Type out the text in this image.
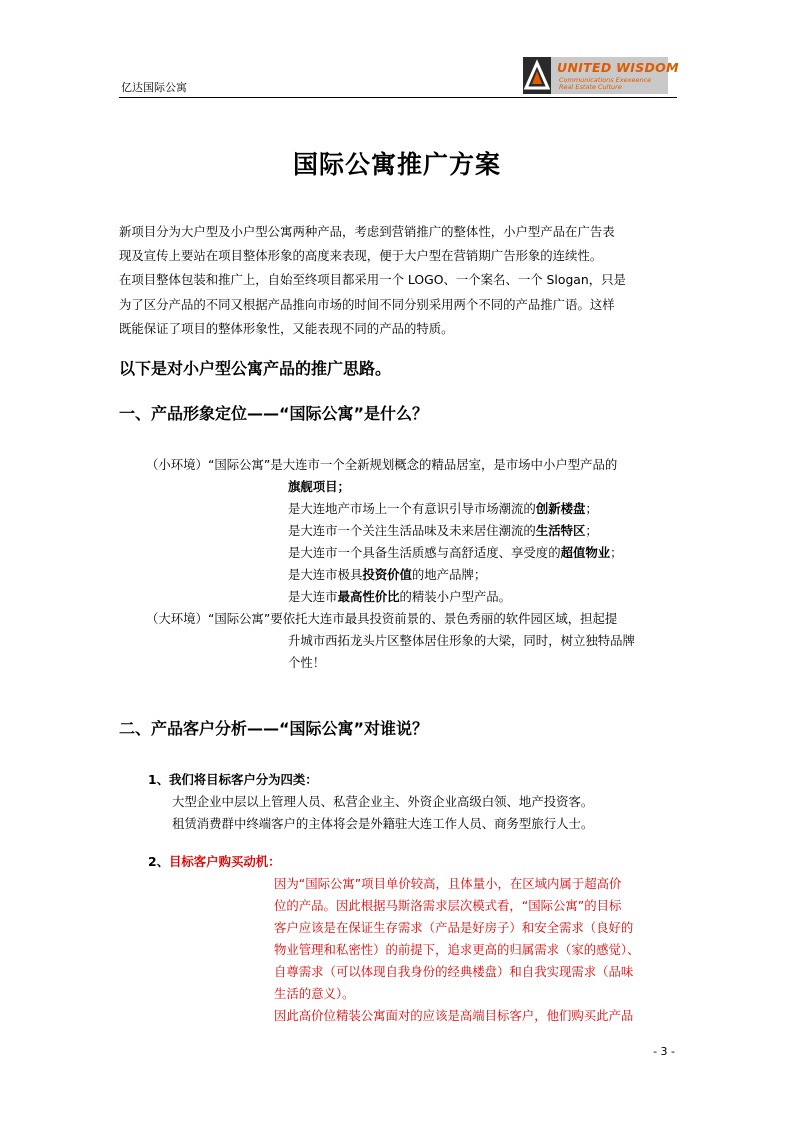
亿达国际公寓
UNITED WISDOM
Communications Exexeence
Real Estate Culture
国际公寓推广方案
新项目分为大户型及小户型公寓两种产品，考虑到营销推广的整体性，小户型产品在广告表
现及宣传上要站在项目整体形象的高度来表现，便于大户型在营销期广告形象的连续性。
在项目整体包装和推广上，自始至终项目都采用一个 LOGO、一个案名、一个 Slogan，只是
为了区分产品的不同又根据产品推向市场的时间不同分别采用两个不同的产品推广语。这样
既能保证了项目的整体形象性，又能表现不同的产品的特质。
以下是对小户型公寓产品的推广思路。
一、产品形象定位——“国际公寓”是什么？
（小环境）“国际公寓”是大连市一个全新规划概念的精品居室，是市场中小户型产品的
旗舰项目；
是大连地产市场上一个有意识引导市场潮流的创新楼盘；
是大连市一个关注生活品味及未来居住潮流的生活特区；
是大连市一个具备生活质感与高舒适度、享受度的超值物业；
是大连市极具投资价值的地产品牌；
是大连市最高性价比的精装小户型产品。
（大环境）“国际公寓”要依托大连市最具投资前景的、景色秀丽的软件园区域，担起提
升城市西拓龙头片区整体居住形象的大梁，同时，树立独特品牌
个性！
二、产品客户分析——“国际公寓”对谁说？
1、我们将目标客户分为四类：
大型企业中层以上管理人员、私营企业主、外资企业高级白领、地产投资客。
租赁消费群中终端客户的主体将会是外籍驻大连工作人员、商务型旅行人士。
2、目标客户购买动机：
因为“国际公寓”项目单价较高，且体量小，在区域内属于超高价
位的产品。因此根据马斯洛需求层次模式看，“国际公寓”的目标
客户应该是在保证生存需求（产品是好房子）和安全需求（良好的
物业管理和私密性）的前提下，追求更高的归属需求（家的感觉）、
自尊需求（可以体现自我身份的经典楼盘）和自我实现需求（品味
生活的意义）。
因此高价位精装公寓面对的应该是高端目标客户，他们购买此产品
- 3 -
